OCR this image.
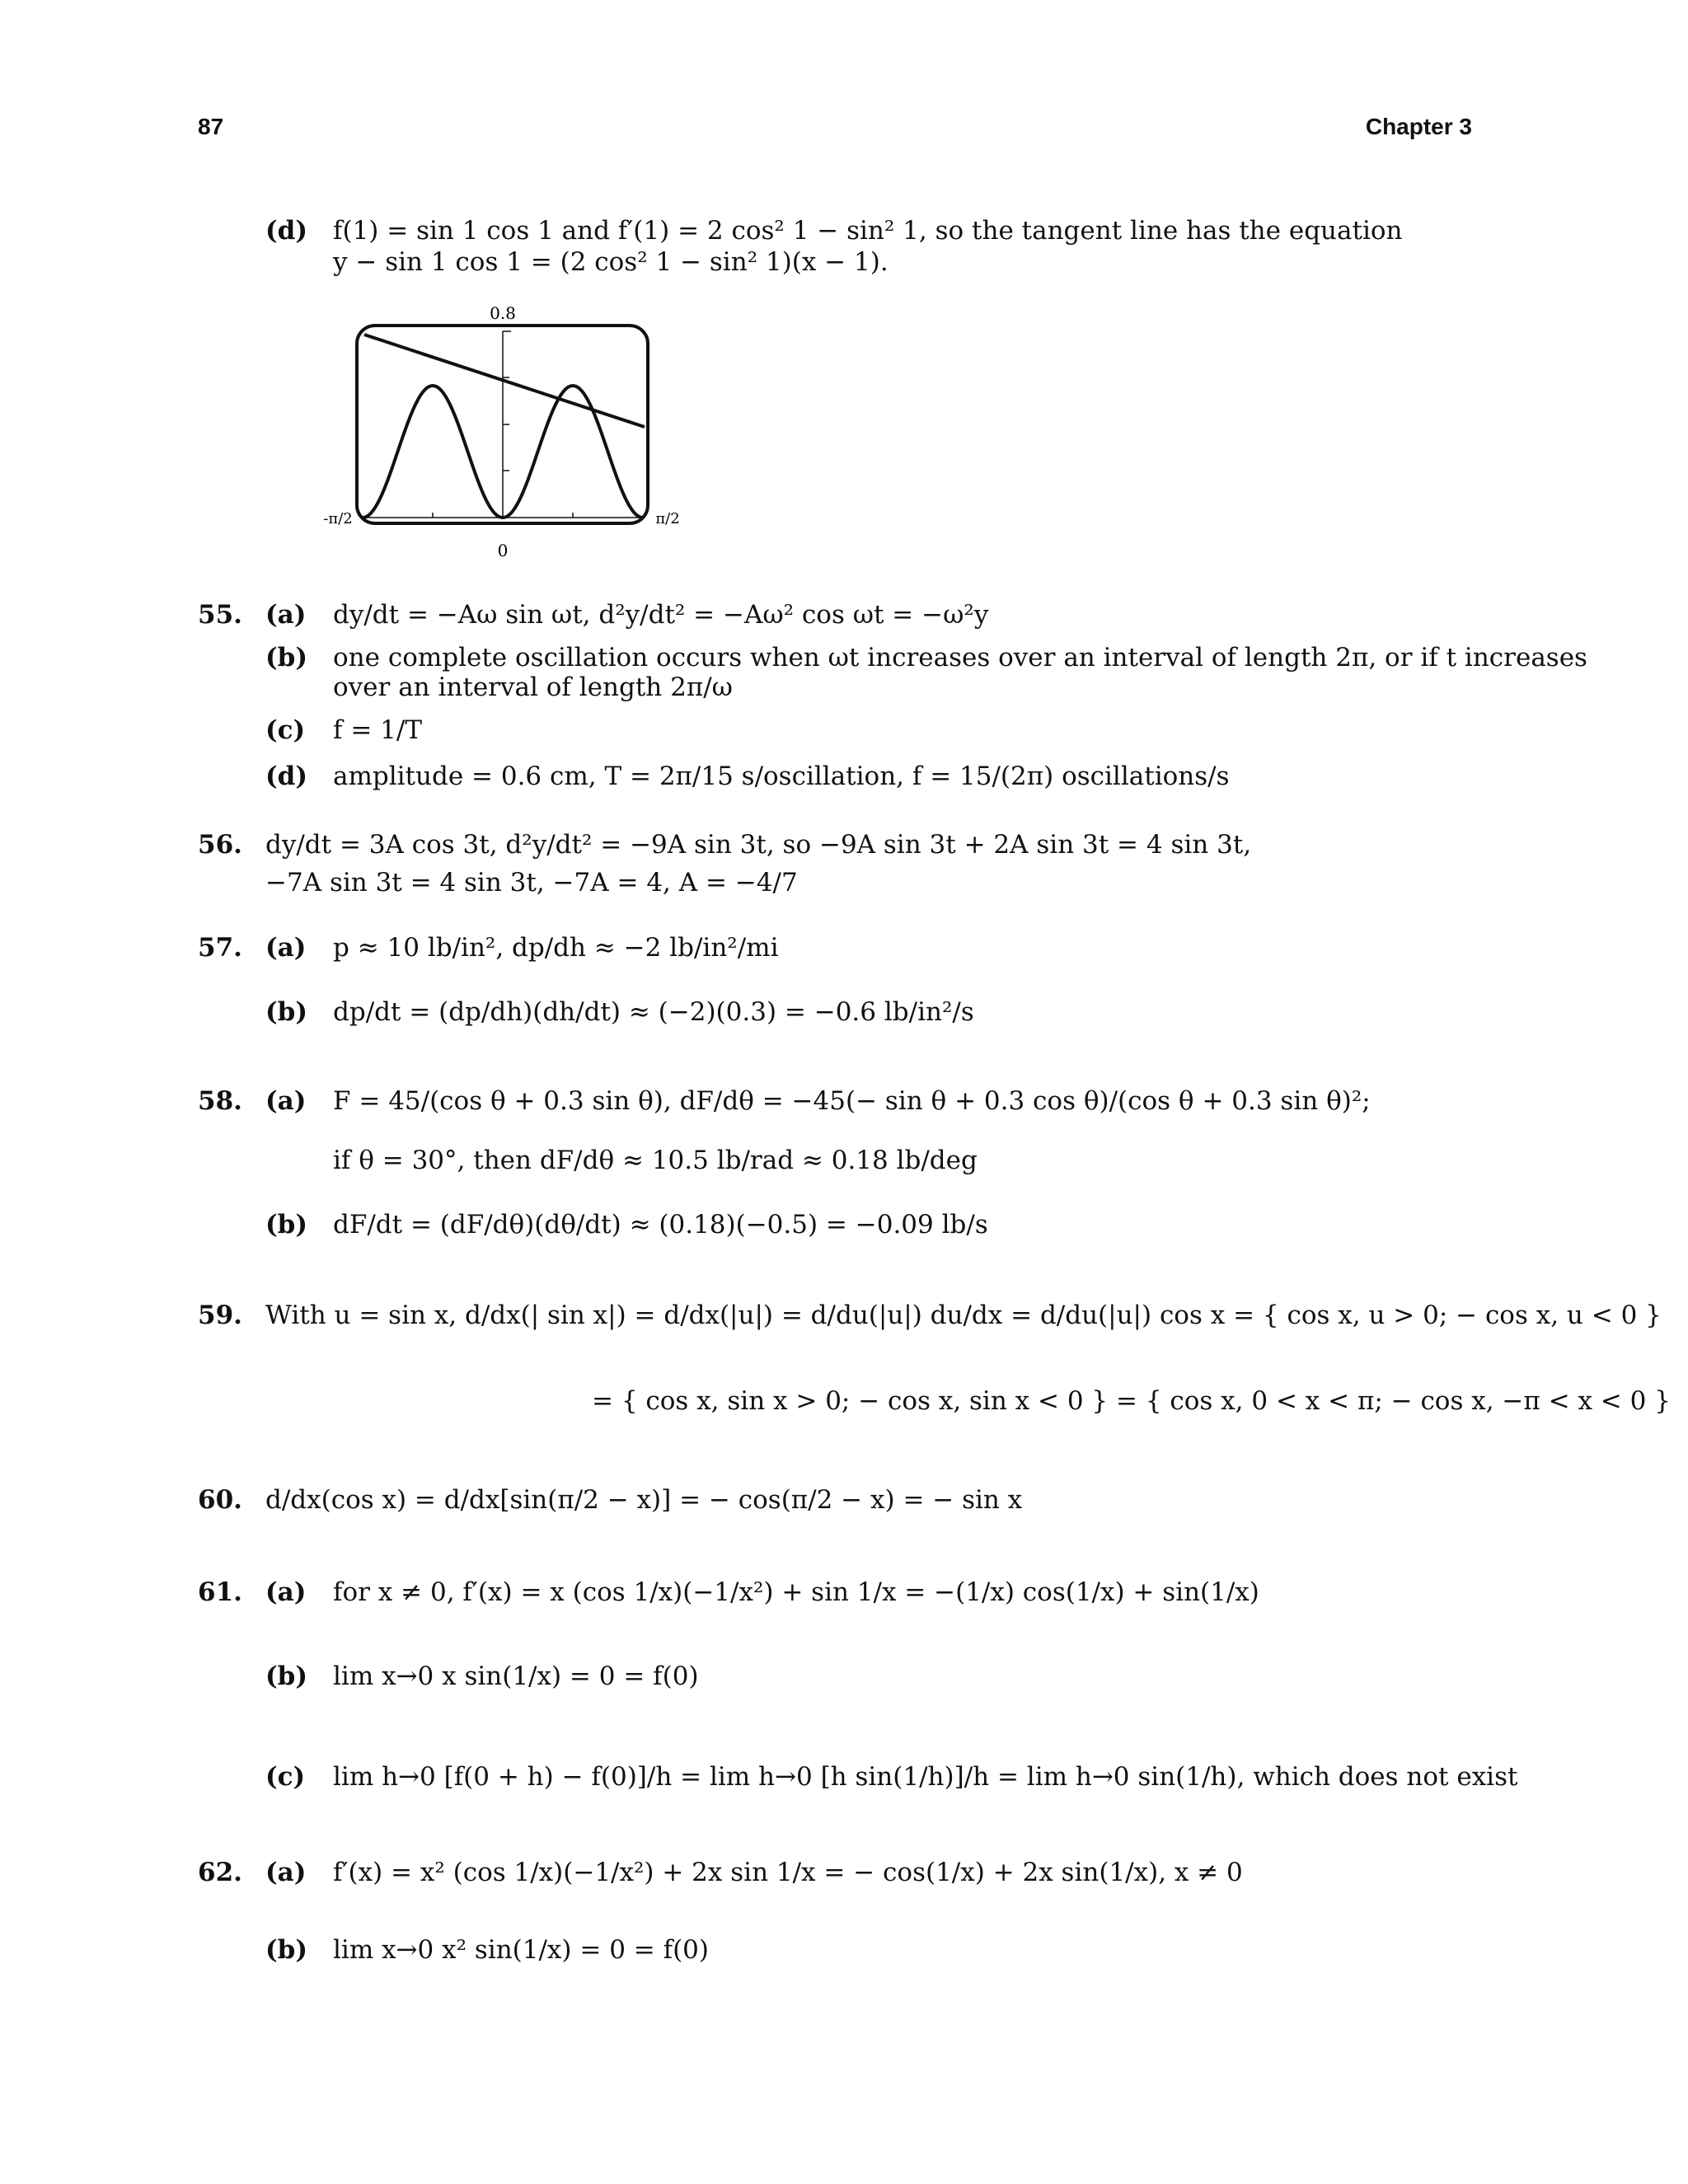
87	Chapter 3
(d) f(1) = sin 1 cos 1 and f′(1) = 2 cos² 1 − sin² 1, so the tangent line has the equation
y − sin 1 cos 1 = (2 cos² 1 − sin² 1)(x − 1).
0.8
-π/2
0
π/2
55. (a) dy/dt = −Aω sin ωt, d²y/dt² = −Aω² cos ωt = −ω²y
(b) one complete oscillation occurs when ωt increases over an interval of length 2π, or if t increases
over an interval of length 2π/ω
(c) f = 1/T
(d) amplitude = 0.6 cm, T = 2π/15 s/oscillation, f = 15/(2π) oscillations/s
56. dy/dt = 3A cos 3t, d²y/dt² = −9A sin 3t, so −9A sin 3t + 2A sin 3t = 4 sin 3t,
−7A sin 3t = 4 sin 3t, −7A = 4, A = −4/7
57. (a) p ≈ 10 lb/in², dp/dh ≈ −2 lb/in²/mi
(b) dp/dt = (dp/dh)(dh/dt) ≈ (−2)(0.3) = −0.6 lb/in²/s
58. (a) F = 45/(cos θ + 0.3 sin θ), dF/dθ = −45(− sin θ + 0.3 cos θ)/(cos θ + 0.3 sin θ)²;
if θ = 30°, then dF/dθ ≈ 10.5 lb/rad ≈ 0.18 lb/deg
(b) dF/dt = (dF/dθ)(dθ/dt) ≈ (0.18)(−0.5) = −0.09 lb/s
59. With u = sin x, d/dx(| sin x|) = d/dx(|u|) = d/du(|u|) du/dx = d/du(|u|) cos x = { cos x, u > 0; − cos x, u < 0 }
= { cos x, sin x > 0; − cos x, sin x < 0 } = { cos x, 0 < x < π; − cos x, −π < x < 0 }
60. d/dx(cos x) = d/dx[sin(π/2 − x)] = − cos(π/2 − x) = − sin x
61. (a) for x ≠ 0, f′(x) = x (cos 1/x)(−1/x²) + sin 1/x = −(1/x) cos(1/x) + sin(1/x)
(b) lim x→0 x sin(1/x) = 0 = f(0)
(c) lim h→0 [f(0 + h) − f(0)]/h = lim h→0 [h sin(1/h)]/h = lim h→0 sin(1/h), which does not exist
62. (a) f′(x) = x² (cos 1/x)(−1/x²) + 2x sin 1/x = − cos(1/x) + 2x sin(1/x), x ≠ 0
(b) lim x→0 x² sin(1/x) = 0 = f(0)
